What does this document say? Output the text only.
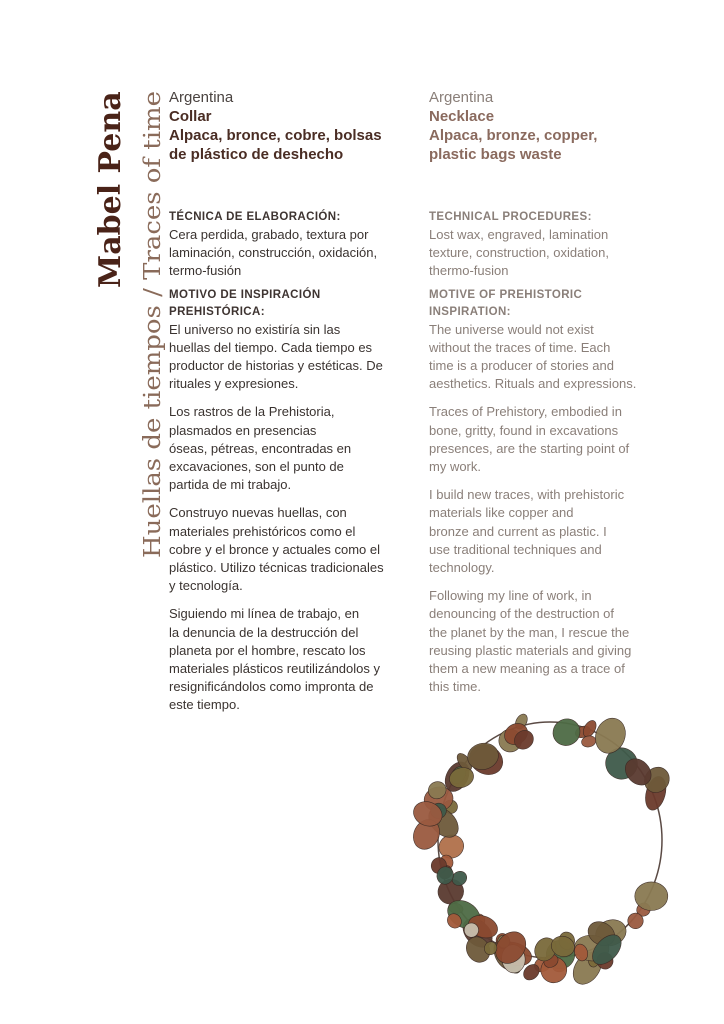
Mabel Pena Huellas de tiempos / Traces of time

Argentina

Collar

Alpaca, bronce, cobre, bolsas

de plástico de deshecho

TÉCNICA DE ELABORACIÓN:

Cera perdida, grabado, textura por

laminación, construcción, oxidación,

termo-fusión

MOTIVO DE INSPIRACIÓN

PREHISTÓRICA:

El universo no existiría sin las

huellas del tiempo. Cada tiempo es

productor de historias y estéticas. De

rituales y expresiones.

Los rastros de la Prehistoria,

plasmados en presencias

óseas, pétreas, encontradas en

excavaciones, son el punto de

partida de mi trabajo.

Construyo nuevas huellas, con

materiales prehistóricos como el

cobre y el bronce y actuales como el

plástico. Utilizo técnicas tradicionales

y tecnología.

Siguiendo mi línea de trabajo, en

la denuncia de la destrucción del

planeta por el hombre, rescato los

materiales plásticos reutilizándolos y

resignificándolos como impronta de

este tiempo.

Argentina

Necklace

Alpaca, bronze, copper,

plastic bags waste

TECHNICAL PROCEDURES:

Lost wax, engraved, lamination

texture, construction, oxidation,

thermo-fusion

MOTIVE OF PREHISTORIC

INSPIRATION:

The universe would not exist

without the traces of time. Each

time is a producer of stories and

aesthetics. Rituals and expressions.

Traces of Prehistory, embodied in

bone, gritty, found in excavations

presences, are the starting point of

my work.

I build new traces, with prehistoric

materials like copper and

bronze and current as plastic. I

use traditional techniques and

technology.

Following my line of work, in

denouncing of the destruction of

the planet by the man, I rescue the

reusing plastic materials and giving

them a new meaning as a trace of

this time.
